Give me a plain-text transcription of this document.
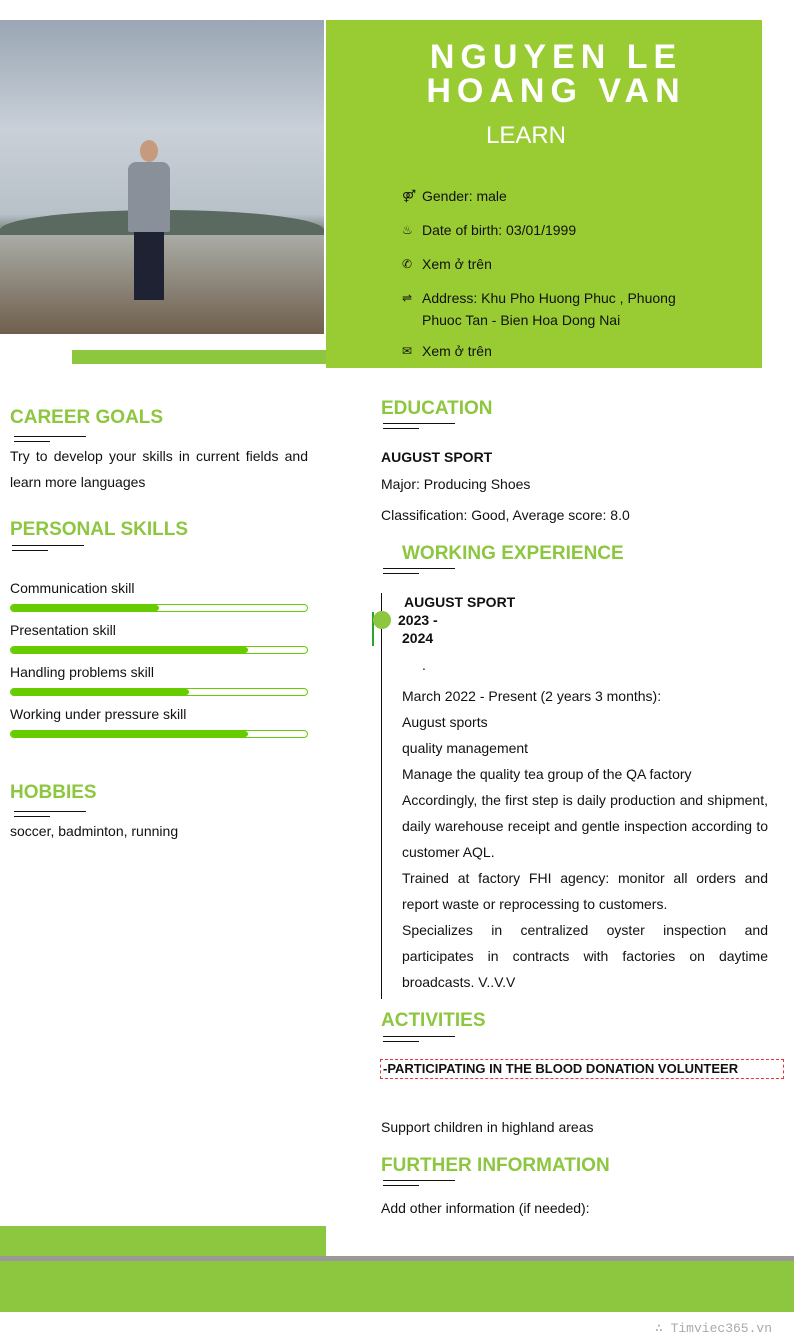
NGUYEN LE HOANG VAN
LEARN
⚤ Gender: male
♨ Date of birth: 03/01/1999
✆ Xem ở trên
⇌ Address: Khu Pho Huong Phuc , Phuong Phuoc Tan - Bien Hoa Dong Nai
✉ Xem ở trên
CAREER GOALS
Try to develop your skills in current fields and learn more languages
PERSONAL SKILLS
Communication skill
Presentation skill
Handling problems skill
Working under pressure skill
HOBBIES
soccer, badminton, running
EDUCATION
AUGUST SPORT
Major: Producing Shoes
Classification: Good, Average score: 8.0
WORKING EXPERIENCE
AUGUST SPORT
2023 -
2024
.
March 2022 - Present (2 years 3 months):
August sports
quality management
Manage the quality tea group of the QA factory
Accordingly, the first step is daily production and shipment, daily warehouse receipt and gentle inspection according to customer AQL.
Trained at factory FHI agency: monitor all orders and report waste or reprocessing to customers.
Specializes in centralized oyster inspection and participates in contracts with factories on daytime broadcasts. V..V.V
ACTIVITIES
-PARTICIPATING IN THE BLOOD DONATION VOLUNTEER
Support children in highland areas
FURTHER INFORMATION
Add other information (if needed):
∴ Timviec365.vn
